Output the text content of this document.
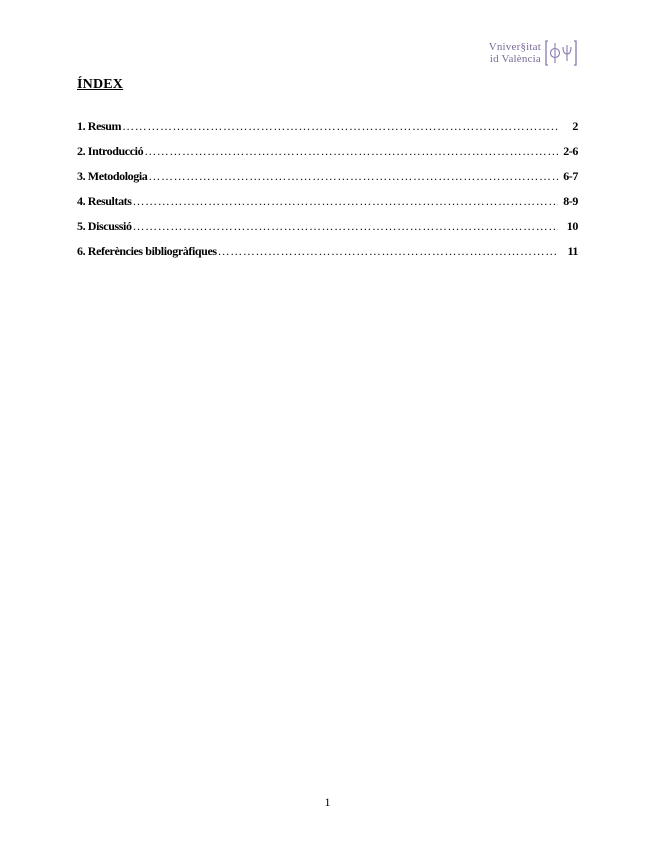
Vniver§itat
id València
ÍNDEX
1. Resum …………………………………………………………………………………………………………………………………………………………	2
2. Introducció …………………………………………………………………………………………………………………………………………………………	2-6
3. Metodologia …………………………………………………………………………………………………………………………………………………………	6-7
4. Resultats …………………………………………………………………………………………………………………………………………………………	8-9
5. Discussió …………………………………………………………………………………………………………………………………………………………	10
6. Referències bibliogràfiques …………………………………………………………………………………………………………………………………………………………	11
1
